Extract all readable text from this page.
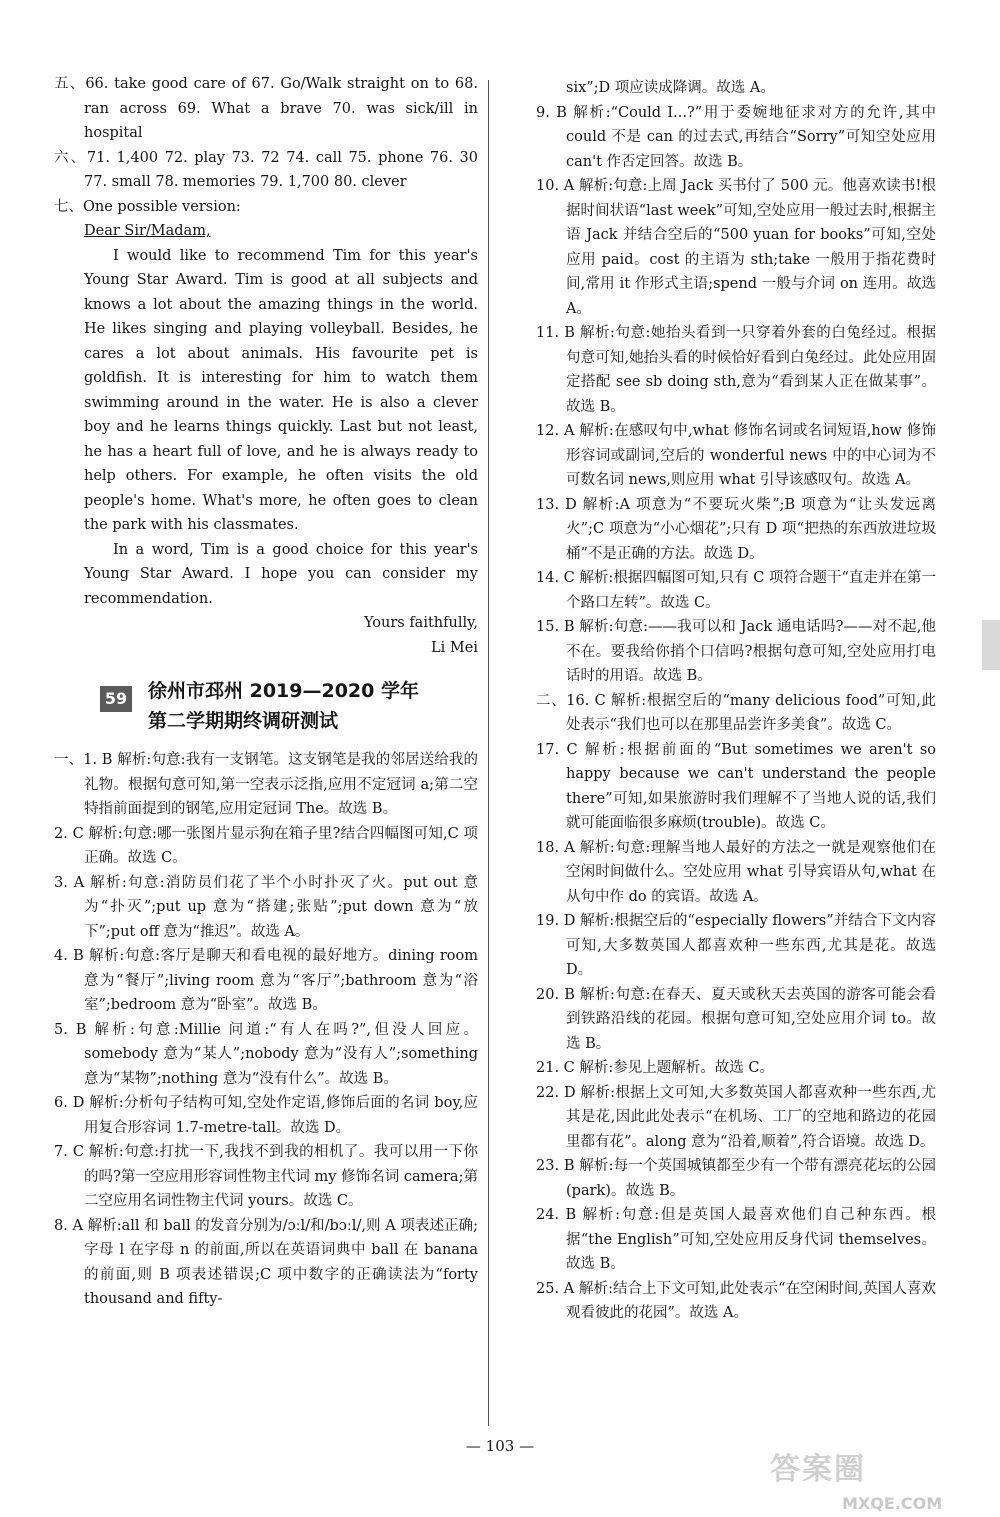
五、66. take good care of 67. Go/Walk straight on to 68. ran across 69. What a brave 70. was sick/ill in hospital

六、71. 1,400 72. play 73. 72 74. call 75. phone 76. 30 77. small 78. memories 79. 1,700 80. clever

七、One possible version:

Dear Sir/Madam,

I would like to recommend Tim for this year's Young Star Award. Tim is good at all subjects and knows a lot about the amazing things in the world. He likes singing and playing volleyball. Besides, he cares a lot about animals. His favourite pet is goldfish. It is interesting for him to watch them swimming around in the water. He is also a clever boy and he learns things quickly. Last but not least, he has a heart full of love, and he is always ready to help others. For example, he often visits the old people's home. What's more, he often goes to clean the park with his classmates.

In a word, Tim is a good choice for this year's Young Star Award. I hope you can consider my recommendation.

Yours faithfully,

Li Mei

59 徐州市邳州 2019—2020 学年
第二学期期终调研测试

一、1. B 解析:句意:我有一支钢笔。这支钢笔是我的邻居送给我的礼物。根据句意可知,第一空表示泛指,应用不定冠词 a;第二空特指前面提到的钢笔,应用定冠词 The。故选 B。

2. C 解析:句意:哪一张图片显示狗在箱子里?结合四幅图可知,C 项正确。故选 C。

3. A 解析:句意:消防员们花了半个小时扑灭了火。put out 意为“扑灭”;put up 意为“搭建;张贴”;put down 意为“放下”;put off 意为“推迟”。故选 A。

4. B 解析:句意:客厅是聊天和看电视的最好地方。dining room 意为“餐厅”;living room 意为“客厅”;bathroom 意为“浴室”;bedroom 意为“卧室”。故选 B。

5. B 解析:句意:Millie 问道:“有人在吗?”,但没人回应。somebody 意为“某人”;nobody 意为“没有人”;something 意为“某物”;nothing 意为“没有什么”。故选 B。

6. D 解析:分析句子结构可知,空处作定语,修饰后面的名词 boy,应用复合形容词 1.7-metre-tall。故选 D。

7. C 解析:句意:打扰一下,我找不到我的相机了。我可以用一下你的吗?第一空应用形容词性物主代词 my 修饰名词 camera;第二空应用名词性物主代词 yours。故选 C。

8. A 解析:all 和 ball 的发音分别为/ɔːl/和/bɔːl/,则 A 项表述正确;字母 l 在字母 n 的前面,所以在英语词典中 ball 在 banana 的前面,则 B 项表述错误;C 项中数字的正确读法为“forty thousand and fifty-

six”;D 项应读成降调。故选 A。

9. B 解析:“Could I...?”用于委婉地征求对方的允许,其中 could 不是 can 的过去式,再结合“Sorry”可知空处应用 can't 作否定回答。故选 B。

10. A 解析:句意:上周 Jack 买书付了 500 元。他喜欢读书!根据时间状语“last week”可知,空处应用一般过去时,根据主语 Jack 并结合空后的“500 yuan for books”可知,空处应用 paid。cost 的主语为 sth;take 一般用于指花费时间,常用 it 作形式主语;spend 一般与介词 on 连用。故选 A。

11. B 解析:句意:她抬头看到一只穿着外套的白兔经过。根据句意可知,她抬头看的时候恰好看到白兔经过。此处应用固定搭配 see sb doing sth,意为“看到某人正在做某事”。故选 B。

12. A 解析:在感叹句中,what 修饰名词或名词短语,how 修饰形容词或副词,空后的 wonderful news 中的中心词为不可数名词 news,则应用 what 引导该感叹句。故选 A。

13. D 解析:A 项意为“不要玩火柴”;B 项意为“让头发远离火”;C 项意为“小心烟花”;只有 D 项“把热的东西放进垃圾桶”不是正确的方法。故选 D。

14. C 解析:根据四幅图可知,只有 C 项符合题干“直走并在第一个路口左转”。故选 C。

15. B 解析:句意:——我可以和 Jack 通电话吗?——对不起,他不在。要我给你捎个口信吗?根据句意可知,空处应用打电话时的用语。故选 B。

二、16. C 解析:根据空后的“many delicious food”可知,此处表示“我们也可以在那里品尝许多美食”。故选 C。

17. C 解析:根据前面的“But sometimes we aren't so happy because we can't understand the people there”可知,如果旅游时我们理解不了当地人说的话,我们就可能面临很多麻烦(trouble)。故选 C。

18. A 解析:句意:理解当地人最好的方法之一就是观察他们在空闲时间做什么。空处应用 what 引导宾语从句,what 在从句中作 do 的宾语。故选 A。

19. D 解析:根据空后的“especially flowers”并结合下文内容可知,大多数英国人都喜欢种一些东西,尤其是花。故选 D。

20. B 解析:句意:在春天、夏天或秋天去英国的游客可能会看到铁路沿线的花园。根据句意可知,空处应用介词 to。故选 B。

21. C 解析:参见上题解析。故选 C。

22. D 解析:根据上文可知,大多数英国人都喜欢种一些东西,尤其是花,因此此处表示“在机场、工厂的空地和路边的花园里都有花”。along 意为“沿着,顺着”,符合语境。故选 D。

23. B 解析:每一个英国城镇都至少有一个带有漂亮花坛的公园(park)。故选 B。

24. B 解析:句意:但是英国人最喜欢他们自己种东西。根据“the English”可知,空处应用反身代词 themselves。故选 B。

25. A 解析:结合上下文可知,此处表示“在空闲时间,英国人喜欢观看彼此的花园”。故选 A。

— 103 —
答案圈
MXQE.COM
